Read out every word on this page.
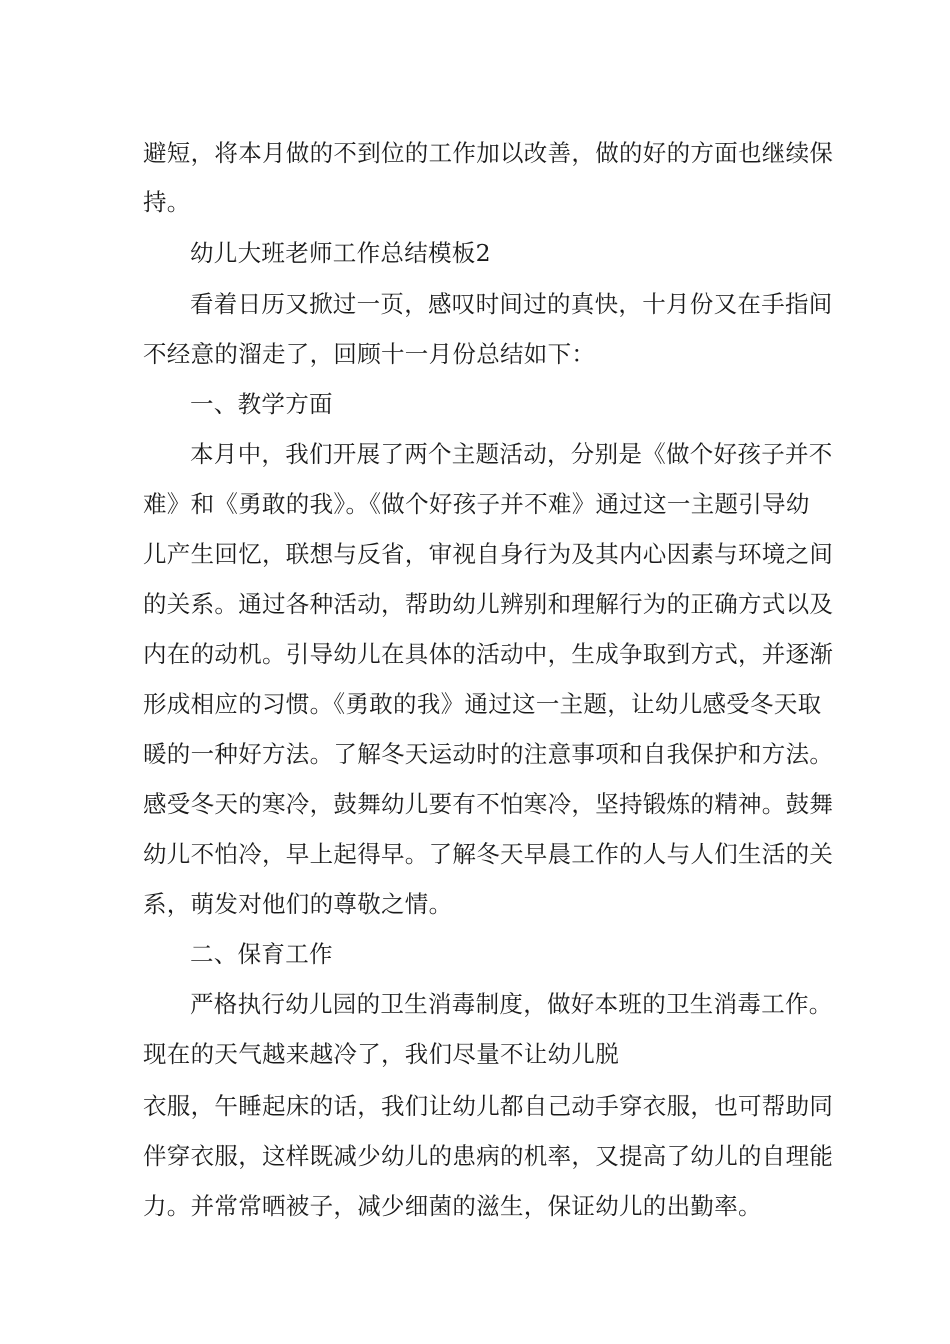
避短，将本月做的不到位的工作加以改善，做的好的方面也继续保
持。
幼儿大班老师工作总结模板2
看着日历又掀过一页，感叹时间过的真快，十月份又在手指间
不经意的溜走了，回顾十一月份总结如下：
一、教学方面
本月中，我们开展了两个主题活动，分别是《做个好孩子并不
难》和《勇敢的我》。《做个好孩子并不难》通过这一主题引导幼
儿产生回忆，联想与反省，审视自身行为及其内心因素与环境之间
的关系。通过各种活动，帮助幼儿辨别和理解行为的正确方式以及
内在的动机。引导幼儿在具体的活动中，生成争取到方式，并逐渐
形成相应的习惯。《勇敢的我》通过这一主题，让幼儿感受冬天取
暖的一种好方法。了解冬天运动时的注意事项和自我保护和方法。
感受冬天的寒冷，鼓舞幼儿要有不怕寒冷，坚持锻炼的精神。鼓舞
幼儿不怕冷，早上起得早。了解冬天早晨工作的人与人们生活的关
系，萌发对他们的尊敬之情。
二、保育工作
严格执行幼儿园的卫生消毒制度，做好本班的卫生消毒工作。
现在的天气越来越冷了，我们尽量不让幼儿脱
衣服，午睡起床的话，我们让幼儿都自己动手穿衣服，也可帮助同
伴穿衣服，这样既减少幼儿的患病的机率，又提高了幼儿的自理能
力。并常常晒被子，减少细菌的滋生，保证幼儿的出勤率。
